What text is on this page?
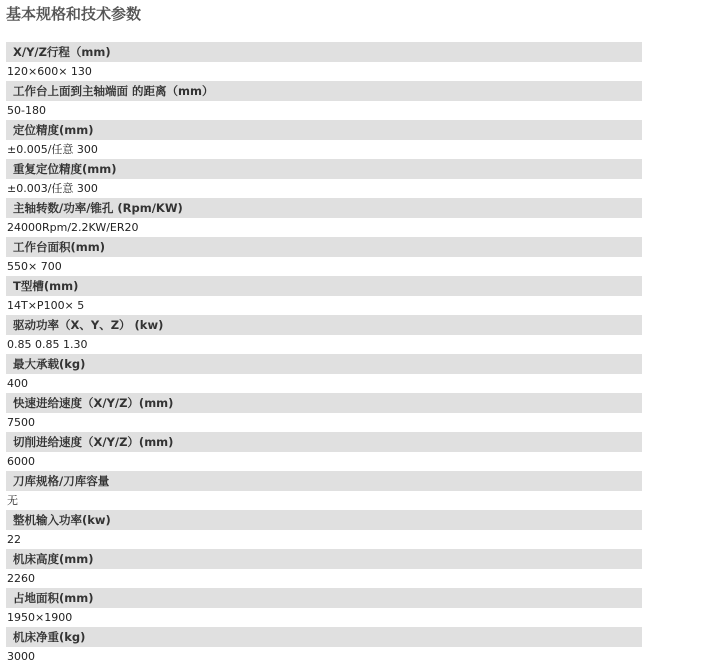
基本规格和技术参数
X/Y/Z行程（mm)
120×600× 130
工作台上面到主轴端面 的距离（mm）
50-180
定位精度(mm)
±0.005/任意 300
重复定位精度(mm)
±0.003/任意 300
主轴转数/功率/锥孔 (Rpm/KW)
24000Rpm/2.2KW/ER20
工作台面积(mm)
550× 700
T型槽(mm)
14T×P100× 5
驱动功率（X、Y、Z） (kw)
0.85 0.85 1.30
最大承载(kg)
400
快速进给速度（X/Y/Z）(mm)
7500
切削进给速度（X/Y/Z）(mm)
6000
刀库规格/刀库容量
无
整机输入功率(kw)
22
机床高度(mm)
2260
占地面积(mm)
1950×1900
机床净重(kg)
3000
